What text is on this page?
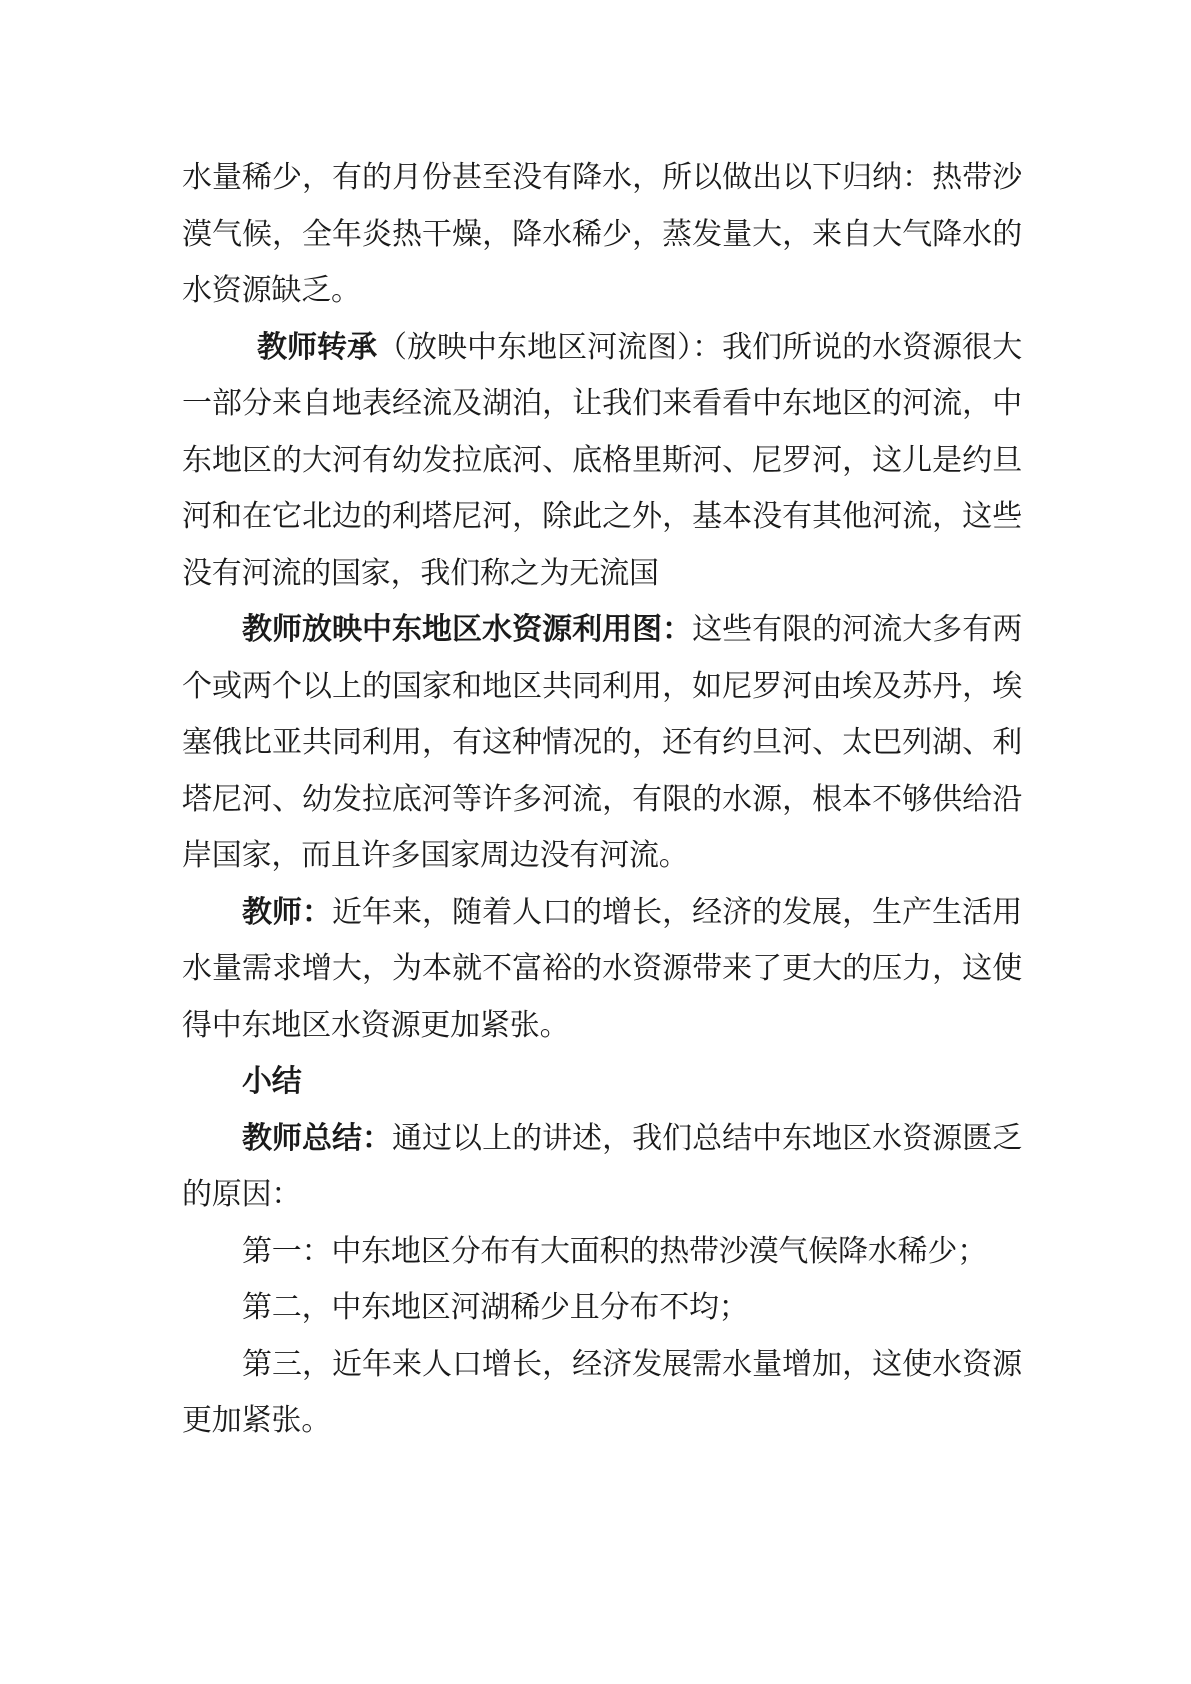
水量稀少，有的月份甚至没有降水，所以做出以下归纳：热带沙漠气候，全年炎热干燥，降水稀少，蒸发量大，来自大气降水的水资源缺乏。

教师转承（放映中东地区河流图）：我们所说的水资源很大一部分来自地表经流及湖泊，让我们来看看中东地区的河流，中东地区的大河有幼发拉底河、底格里斯河、尼罗河，这儿是约旦河和在它北边的利塔尼河，除此之外，基本没有其他河流，这些没有河流的国家，我们称之为无流国

教师放映中东地区水资源利用图：这些有限的河流大多有两个或两个以上的国家和地区共同利用，如尼罗河由埃及苏丹，埃塞俄比亚共同利用，有这种情况的，还有约旦河、太巴列湖、利塔尼河、幼发拉底河等许多河流，有限的水源，根本不够供给沿岸国家，而且许多国家周边没有河流。

教师：近年来，随着人口的增长，经济的发展，生产生活用水量需求增大，为本就不富裕的水资源带来了更大的压力，这使得中东地区水资源更加紧张。

小结

教师总结：通过以上的讲述，我们总结中东地区水资源匮乏的原因：

第一：中东地区分布有大面积的热带沙漠气候降水稀少；

第二，中东地区河湖稀少且分布不均；

第三，近年来人口增长，经济发展需水量增加，这使水资源更加紧张。
